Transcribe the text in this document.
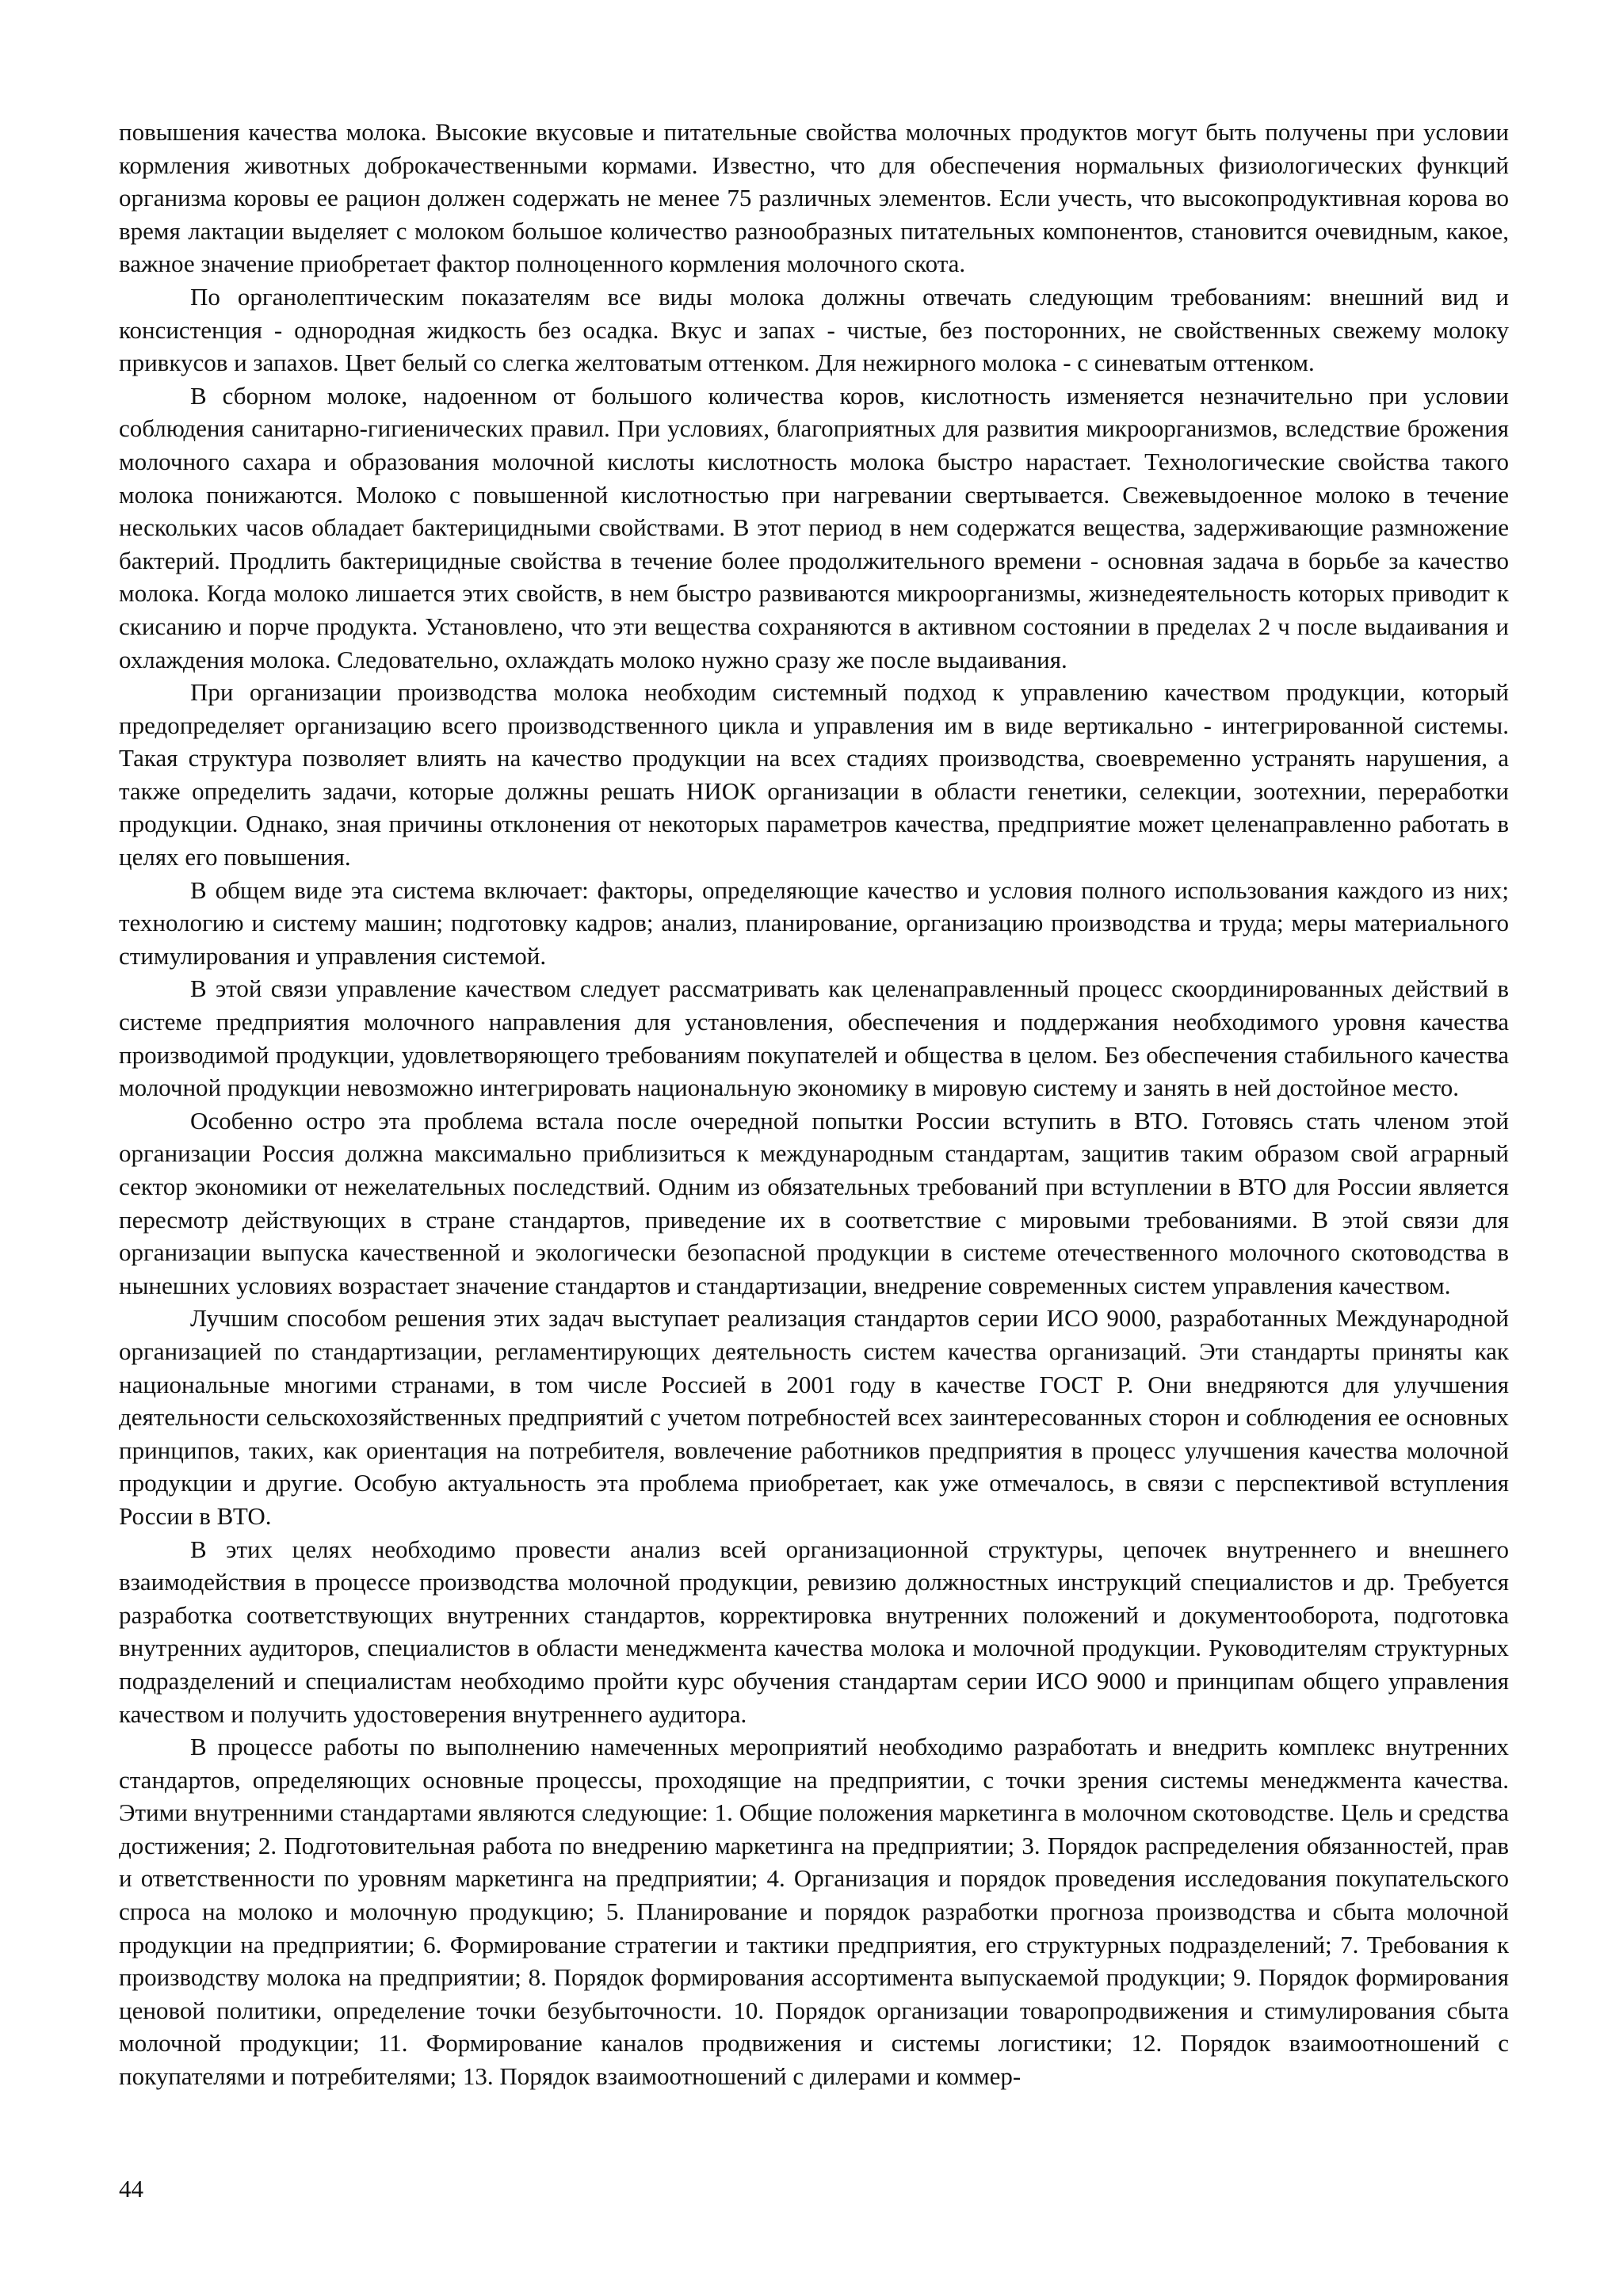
повышения качества молока. Высокие вкусовые и питательные свойства молочных продуктов могут быть получены при условии кормления животных доброкачественными кормами. Известно, что для обеспечения нормальных физиологических функций организма коровы ее рацион должен содержать не менее 75 различных элементов. Если учесть, что высокопродуктивная корова во время лактации выделяет с молоком большое количество разнообразных питательных компонентов, становится очевидным, какое, важное значение приобретает фактор полноценного кормления молочного скота.

По органолептическим показателям все виды молока должны отвечать следующим требованиям: внешний вид и консистенция - однородная жидкость без осадка. Вкус и запах - чистые, без посторонних, не свойственных свежему молоку привкусов и запахов. Цвет белый со слегка желтоватым оттенком. Для нежирного молока - с синеватым оттенком.

В сборном молоке, надоенном от большого количества коров, кислотность изменяется незначительно при условии соблюдения санитарно-гигиенических правил. При условиях, благоприятных для развития микроорганизмов, вследствие брожения молочного сахара и образования молочной кислоты кислотность молока быстро нарастает. Технологические свойства такого молока понижаются. Молоко с повышенной кислотностью при нагревании свертывается. Свежевыдоенное молоко в течение нескольких часов обладает бактерицидными свойствами. В этот период в нем содержатся вещества, задерживающие размножение бактерий. Продлить бактерицидные свойства в течение более продолжительного времени - основная задача в борьбе за качество молока. Когда молоко лишается этих свойств, в нем быстро развиваются микроорганизмы, жизнедеятельность которых приводит к скисанию и порче продукта. Установлено, что эти вещества сохраняются в активном состоянии в пределах 2 ч после выдаивания и охлаждения молока. Следовательно, охлаждать молоко нужно сразу же после выдаивания.

При организации производства молока необходим системный подход к управлению качеством продукции, который предопределяет организацию всего производственного цикла и управления им в виде вертикально - интегрированной системы. Такая структура позволяет влиять на качество продукции на всех стадиях производства, своевременно устранять нарушения, а также определить задачи, которые должны решать НИОК организации в области генетики, селекции, зоотехнии, переработки продукции. Однако, зная причины отклонения от некоторых параметров качества, предприятие может целенаправленно работать в целях его повышения.

В общем виде эта система включает: факторы, определяющие качество и условия полного использования каждого из них; технологию и систему машин; подготовку кадров; анализ, планирование, организацию производства и труда; меры материального стимулирования и управления системой.

В этой связи управление качеством следует рассматривать как целенаправленный процесс скоординированных действий в системе предприятия молочного направления для установления, обеспечения и поддержания необходимого уровня качества производимой продукции, удовлетворяющего требованиям покупателей и общества в целом. Без обеспечения стабильного качества молочной продукции невозможно интегрировать национальную экономику в мировую систему и занять в ней достойное место.

Особенно остро эта проблема встала после очередной попытки России вступить в ВТО. Готовясь стать членом этой организации Россия должна максимально приблизиться к международным стандартам, защитив таким образом свой аграрный сектор экономики от нежелательных последствий. Одним из обязательных требований при вступлении в ВТО для России является пересмотр действующих в стране стандартов, приведение их в соответствие с мировыми требованиями. В этой связи для организации выпуска качественной и экологически безопасной продукции в системе отечественного молочного скотоводства в нынешних условиях возрастает значение стандартов и стандартизации, внедрение современных систем управления качеством.

Лучшим способом решения этих задач выступает реализация стандартов серии ИСО 9000, разработанных Международной организацией по стандартизации, регламентирующих деятельность систем качества организаций. Эти стандарты приняты как национальные многими странами, в том числе Россией в 2001 году в качестве ГОСТ Р. Они внедряются для улучшения деятельности сельскохозяйственных предприятий с учетом потребностей всех заинтересованных сторон и соблюдения ее основных принципов, таких, как ориентация на потребителя, вовлечение работников предприятия в процесс улучшения качества молочной продукции и другие. Особую актуальность эта проблема приобретает, как уже отмечалось, в связи с перспективой вступления России в ВТО.

В этих целях необходимо провести анализ всей организационной структуры, цепочек внутреннего и внешнего взаимодействия в процессе производства молочной продукции, ревизию должностных инструкций специалистов и др. Требуется разработка соответствующих внутренних стандартов, корректировка внутренних положений и документооборота, подготовка внутренних аудиторов, специалистов в области менеджмента качества молока и молочной продукции. Руководителям структурных подразделений и специалистам необходимо пройти курс обучения стандартам серии ИСО 9000 и принципам общего управления качеством и получить удостоверения внутреннего аудитора.

В процессе работы по выполнению намеченных мероприятий необходимо разработать и внедрить комплекс внутренних стандартов, определяющих основные процессы, проходящие на предприятии, с точки зрения системы менеджмента качества. Этими внутренними стандартами являются следующие: 1. Общие положения маркетинга в молочном скотоводстве. Цель и средства достижения; 2. Подготовительная работа по внедрению маркетинга на предприятии; 3. Порядок распределения обязанностей, прав и ответственности по уровням маркетинга на предприятии; 4. Организация и порядок проведения исследования покупательского спроса на молоко и молочную продукцию; 5. Планирование и порядок разработки прогноза производства и сбыта молочной продукции на предприятии; 6. Формирование стратегии и тактики предприятия, его структурных подразделений; 7. Требования к производству молока на предприятии; 8. Порядок формирования ассортимента выпускаемой продукции; 9. Порядок формирования ценовой политики, определение точки безубыточности. 10. Порядок организации товаропродвижения и стимулирования сбыта молочной продукции; 11. Формирование каналов продвижения и системы логистики; 12. Порядок взаимоотношений с покупателями и потребителями; 13. Порядок взаимоотношений с дилерами и коммер-

44
